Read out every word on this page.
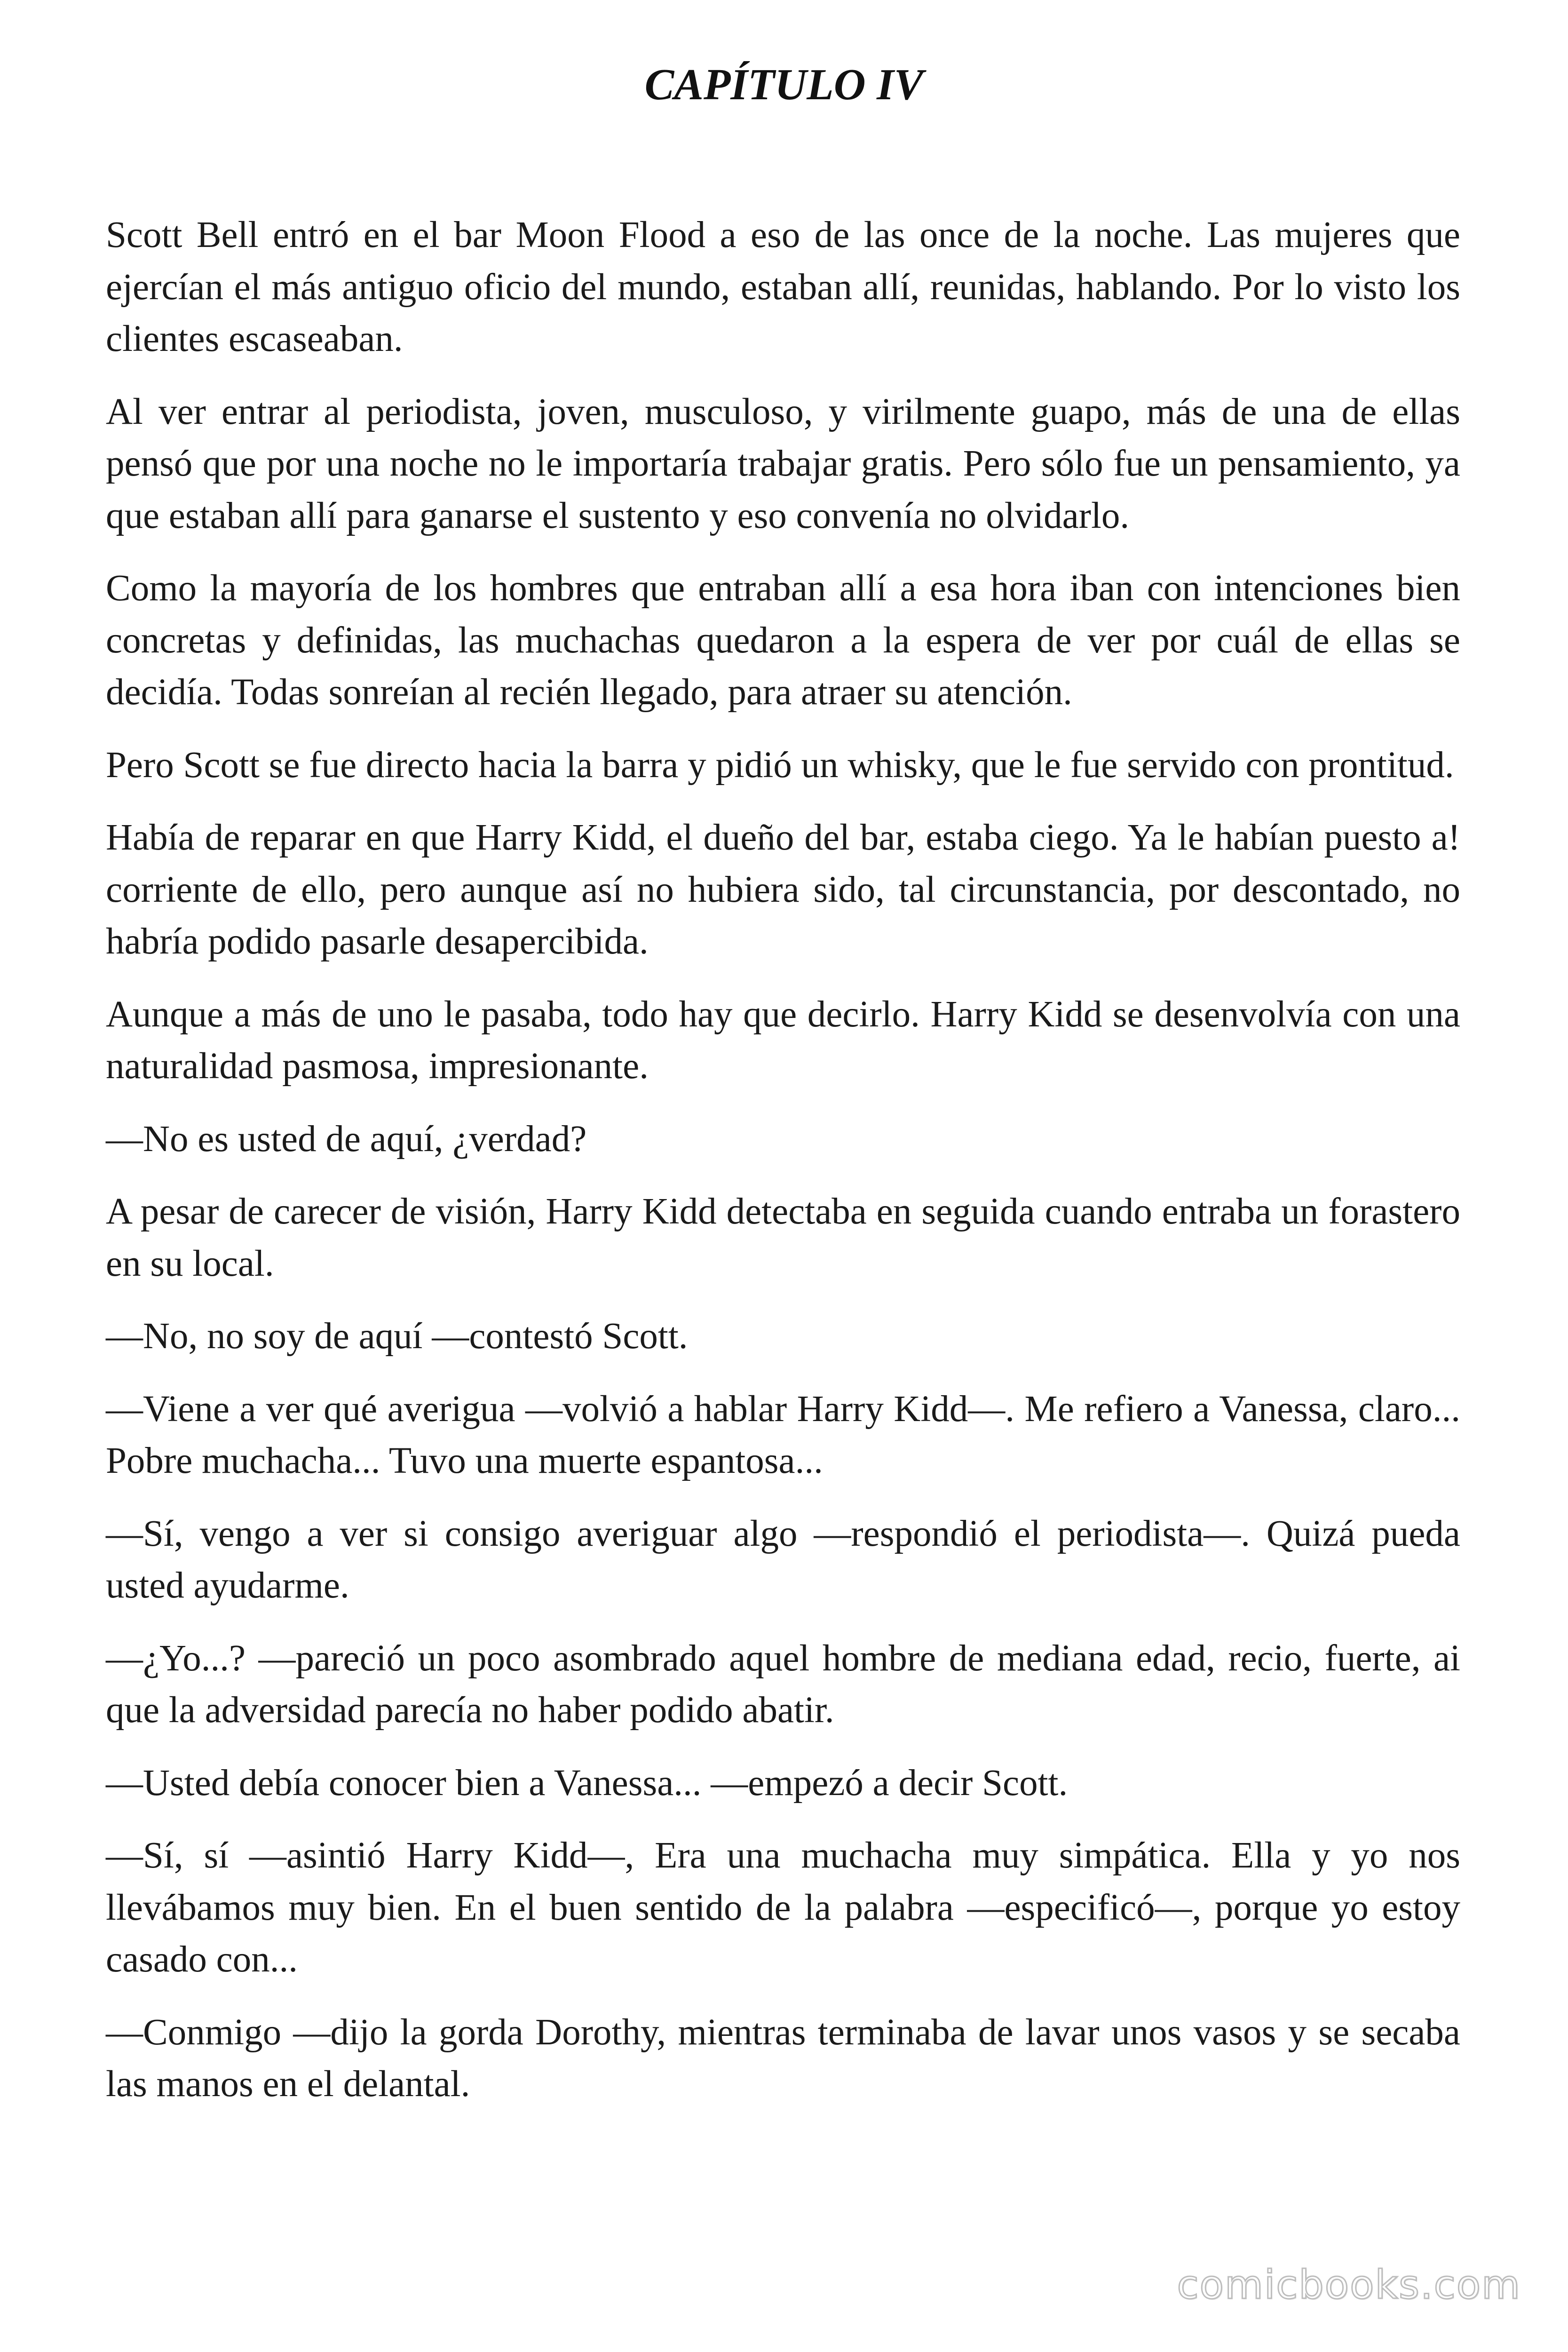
CAPÍTULO IV

Scott Bell entró en el bar Moon Flood a eso de las once de la noche. Las mujeres que ejercían el más antiguo oficio del mundo, estaban allí, reunidas, hablando. Por lo visto los clientes escaseaban.

Al ver entrar al periodista, joven, musculoso, y virilmente guapo, más de una de ellas pensó que por una noche no le importaría trabajar gratis. Pero sólo fue un pensamiento, ya que estaban allí para ganarse el sustento y eso convenía no olvidarlo.

Como la mayoría de los hombres que entraban allí a esa hora iban con intenciones bien concretas y definidas, las muchachas quedaron a la espera de ver por cuál de ellas se decidía. Todas sonreían al recién llegado, para atraer su atención.

Pero Scott se fue directo hacia la barra y pidió un whisky, que le fue servido con prontitud.

Había de reparar en que Harry Kidd, el dueño del bar, estaba ciego. Ya le habían puesto a! corriente de ello, pero aunque así no hubiera sido, tal circunstancia, por descontado, no habría podido pasarle desapercibida.

Aunque a más de uno le pasaba, todo hay que decirlo. Harry Kidd se desenvolvía con una naturalidad pasmosa, impresionante.

—No es usted de aquí, ¿verdad?

A pesar de carecer de visión, Harry Kidd detectaba en seguida cuando entraba un forastero en su local.

—No, no soy de aquí —contestó Scott.

—Viene a ver qué averigua —volvió a hablar Harry Kidd—. Me refiero a Vanessa, claro... Pobre muchacha... Tuvo una muerte espantosa...

—Sí, vengo a ver si consigo averiguar algo —respondió el periodista—. Quizá pueda usted ayudarme.

—¿Yo...? —pareció un poco asombrado aquel hombre de mediana edad, recio, fuerte, ai que la adversidad parecía no haber podido abatir.

—Usted debía conocer bien a Vanessa... —empezó a decir Scott.

—Sí, sí —asintió Harry Kidd—, Era una muchacha muy simpática. Ella y yo nos llevábamos muy bien. En el buen sentido de la palabra —especificó—, porque yo estoy casado con...

—Conmigo —dijo la gorda Dorothy, mientras terminaba de lavar unos vasos y se secaba las manos en el delantal.

comicbooks.com
